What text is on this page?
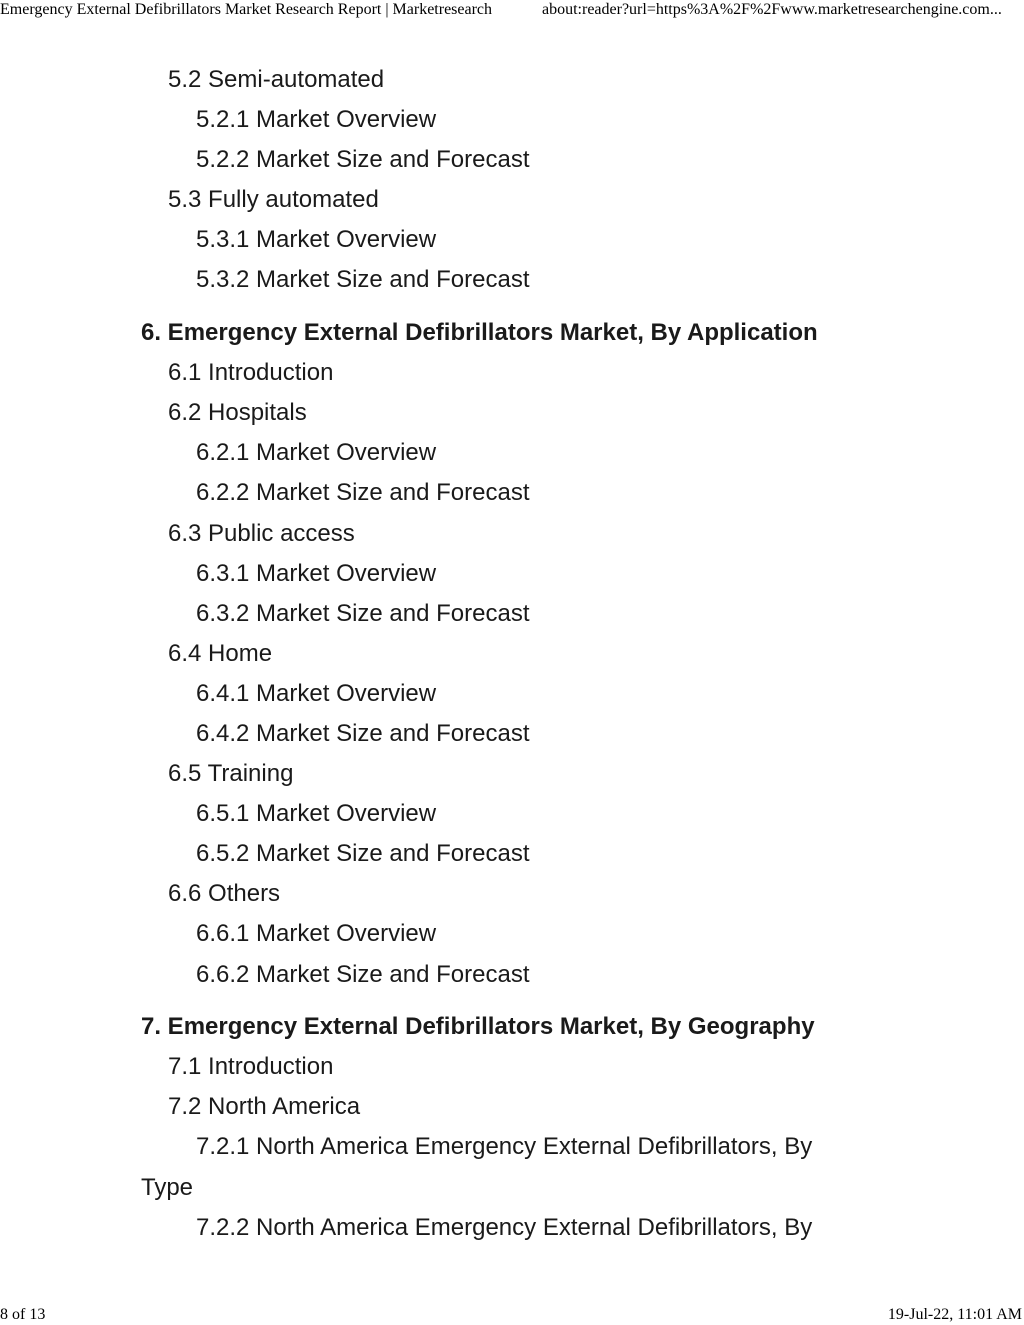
Emergency External Defibrillators Market Research Report | Marketresearch	about:reader?url=https%3A%2F%2Fwww.marketresearchengine.com...
5.2 Semi-automated
5.2.1 Market Overview
5.2.2 Market Size and Forecast
5.3 Fully automated
5.3.1 Market Overview
5.3.2 Market Size and Forecast
6. Emergency External Defibrillators Market, By Application
6.1 Introduction
6.2 Hospitals
6.2.1 Market Overview
6.2.2 Market Size and Forecast
6.3 Public access
6.3.1 Market Overview
6.3.2 Market Size and Forecast
6.4 Home
6.4.1 Market Overview
6.4.2 Market Size and Forecast
6.5 Training
6.5.1 Market Overview
6.5.2 Market Size and Forecast
6.6 Others
6.6.1 Market Overview
6.6.2 Market Size and Forecast
7. Emergency External Defibrillators Market, By Geography
7.1 Introduction
7.2 North America
7.2.1 North America Emergency External Defibrillators, By Type
7.2.2 North America Emergency External Defibrillators, By
8 of 13	19-Jul-22, 11:01 AM
